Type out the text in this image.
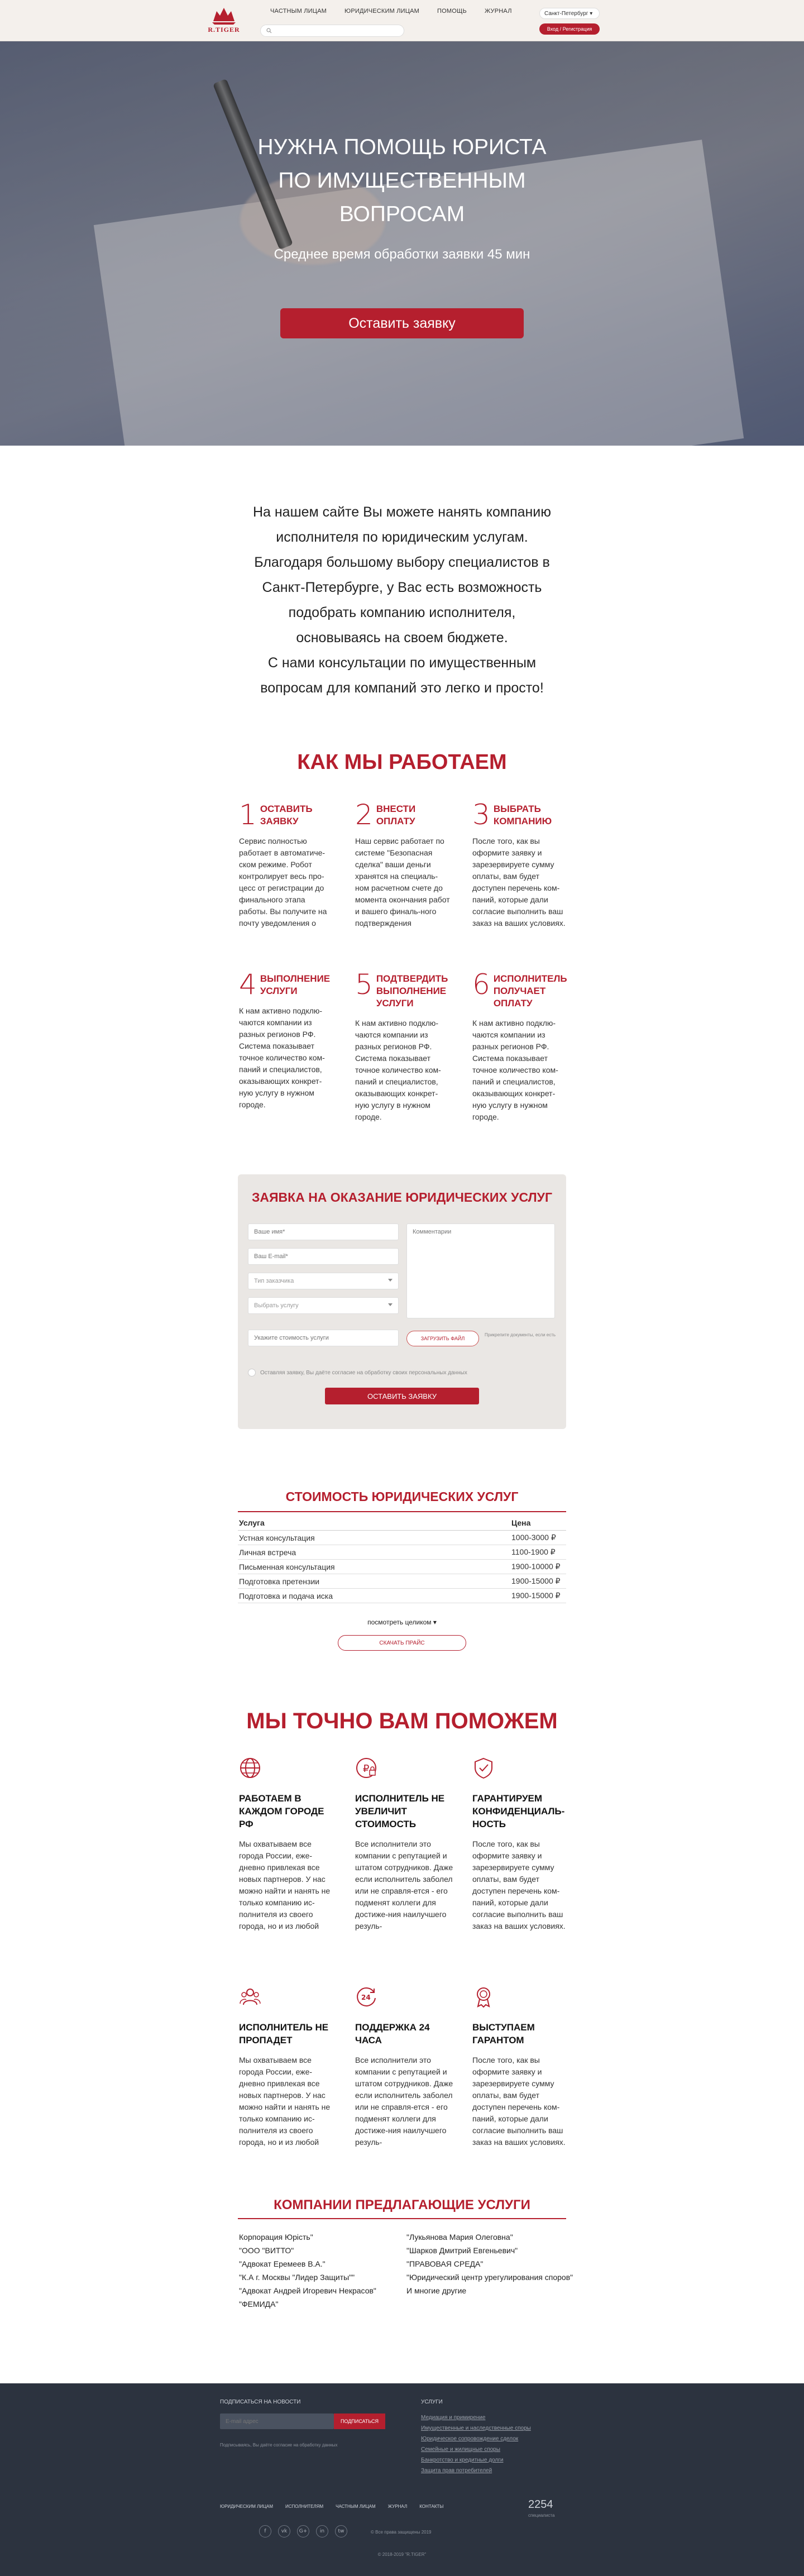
R.TIGER
ЧАСТНЫМ ЛИЦАМ	ЮРИДИЧЕСКИМ ЛИЦАМ	ПОМОЩЬ	ЖУРНАЛ	Санкт-Петербург ▾
Вход / Регистрация
НУЖНА ПОМОЩЬ ЮРИСТА
ПО ИМУЩЕСТВЕННЫМ
ВОПРОСАМ
Среднее время обработки заявки 45 мин
Оставить заявку
На нашем сайте Вы можете нанять компанию
исполнителя по юридическим услугам.
Благодаря большому выбору специалистов в
Санкт-Петербурге, у Вас есть возможность
подобрать компанию исполнителя,
основываясь на своем бюджете.
С нами консультации по имущественным
вопросам для компаний это легко и просто!
КАК МЫ РАБОТАЕМ
1 ОСТАВИТЬ ЗАЯВКУ
Сервис полностью работает в автоматиче-ском режиме. Робот контролирует весь про-цесс от регистрации до финального этапа работы. Вы получите на почту уведомления о
2 ВНЕСТИ ОПЛАТУ
Наш сервис работает по системе "Безопасная сделка" ваши деньги хранятся на специаль-ном расчетном счете до момента окончания работ и вашего финаль-ного подтверждения
3 ВЫБРАТЬ КОМПАНИЮ
После того, как вы оформите заявку и зарезервируете сумму оплаты, вам будет доступен перечень ком-паний, которые дали согласие выполнить ваш заказ на ваших условиях.
4 ВЫПОЛНЕНИЕ УСЛУГИ
К нам активно подклю-чаются компании из разных регионов РФ. Система показывает точное количество ком-паний и специалистов, оказывающих конкрет-ную услугу в нужном городе.
5 ПОДТВЕРДИТЬ ВЫПОЛНЕНИЕ УСЛУГИ
К нам активно подклю-чаются компании из разных регионов РФ. Система показывает точное количество ком-паний и специалистов, оказывающих конкрет-ную услугу в нужном городе.
6 ИСПОЛНИТЕЛЬ ПОЛУЧАЕТ ОПЛАТУ
К нам активно подклю-чаются компании из разных регионов РФ. Система показывает точное количество ком-паний и специалистов, оказывающих конкрет-ную услугу в нужном городе.
ЗАЯВКА НА ОКАЗАНИЕ ЮРИДИЧЕСКИХ УСЛУГ
Ваше имя*
Ваш E-mail*
Тип заказчика
Выбрать услугу
Укажите стоимость услуги
Комментарии
ЗАГРУЗИТЬ ФАЙЛ
Прикрепите документы, если есть
Оставляя заявку, Вы даёте согласие на обработку своих персональных данных
ОСТАВИТЬ ЗАЯВКУ
СТОИМОСТЬ ЮРИДИЧЕСКИХ УСЛУГ
Услуга	Цена
Устная консультация	1000-3000 ₽
Личная встреча	1100-1900 ₽
Письменная консультация	1900-10000 ₽
Подготовка претензии	1900-15000 ₽
Подготовка и подача иска	1900-15000 ₽
посмотреть целиком ▾
СКАЧАТЬ ПРАЙС
МЫ ТОЧНО ВАМ ПОМОЖЕМ
РАБОТАЕМ В КАЖДОМ ГОРОДЕ РФ
Мы охватываем все города России, еже-дневно привлекая все новых партнеров. У нас можно найти и нанять не только компанию ис-полнителя из своего города, но и из любой
₽
ИСПОЛНИТЕЛЬ НЕ УВЕЛИЧИТ СТОИМОСТЬ
Все исполнители это компании с репутацией и штатом сотрудников. Даже если исполнитель заболел или не справля-ется - его подменят коллеги для достиже-ния наилучшего резуль-
ГАРАНТИРУЕМ КОНФИДЕНЦИАЛЬ-НОСТЬ
После того, как вы оформите заявку и зарезервируете сумму оплаты, вам будет доступен перечень ком-паний, которые дали согласие выполнить ваш заказ на ваших условиях.
ИСПОЛНИТЕЛЬ НЕ ПРОПАДЕТ
Мы охватываем все города России, еже-дневно привлекая все новых партнеров. У нас можно найти и нанять не только компанию ис-полнителя из своего города, но и из любой
24
ПОДДЕРЖКА 24 ЧАСА
Все исполнители это компании с репутацией и штатом сотрудников. Даже если исполнитель заболел или не справля-ется - его подменят коллеги для достиже-ния наилучшего резуль-
ВЫСТУПАЕМ ГАРАНТОМ
После того, как вы оформите заявку и зарезервируете сумму оплаты, вам будет доступен перечень ком-паний, которые дали согласие выполнить ваш заказ на ваших условиях.
КОМПАНИИ ПРЕДЛАГАЮЩИЕ УСЛУГИ
Корпорация Юрість"
"ООО "ВИТТО"
"Адвокат Еремеев В.А."
"К.А г. Москвы "Лидер Защиты""
"Адвокат Андрей Игоревич Некрасов"
"ФЕМИДА"
"Лукьянова Мария Олеговна"
"Шарков Дмитрий Евгеньевич"
"ПРАВОВАЯ СРЕДА"
"Юридический центр урегулирования споров"
И многие другие
ПОДПИСАТЬСЯ НА НОВОСТИ
E-mail адрес
ПОДПИСАТЬСЯ
Подписываясь, Вы даёте согласие на обработку данных
УСЛУГИ
Медиация и примирение
Имущественные и наследственные споры
Юридическое сопровождение сделок
Семейные и жилищные споры
Банкротство и кредитные долги
Защита прав потребителей
ЮРИДИЧЕСКИМ ЛИЦАМ	ИСПОЛНИТЕЛЯМ	ЧАСТНЫМ ЛИЦАМ	ЖУРНАЛ	КОНТАКТЫ	2254
специалиста
f	vk	G+	in	tw	© Все права защищены 2019
© 2018-2019 "R.TIGER"
